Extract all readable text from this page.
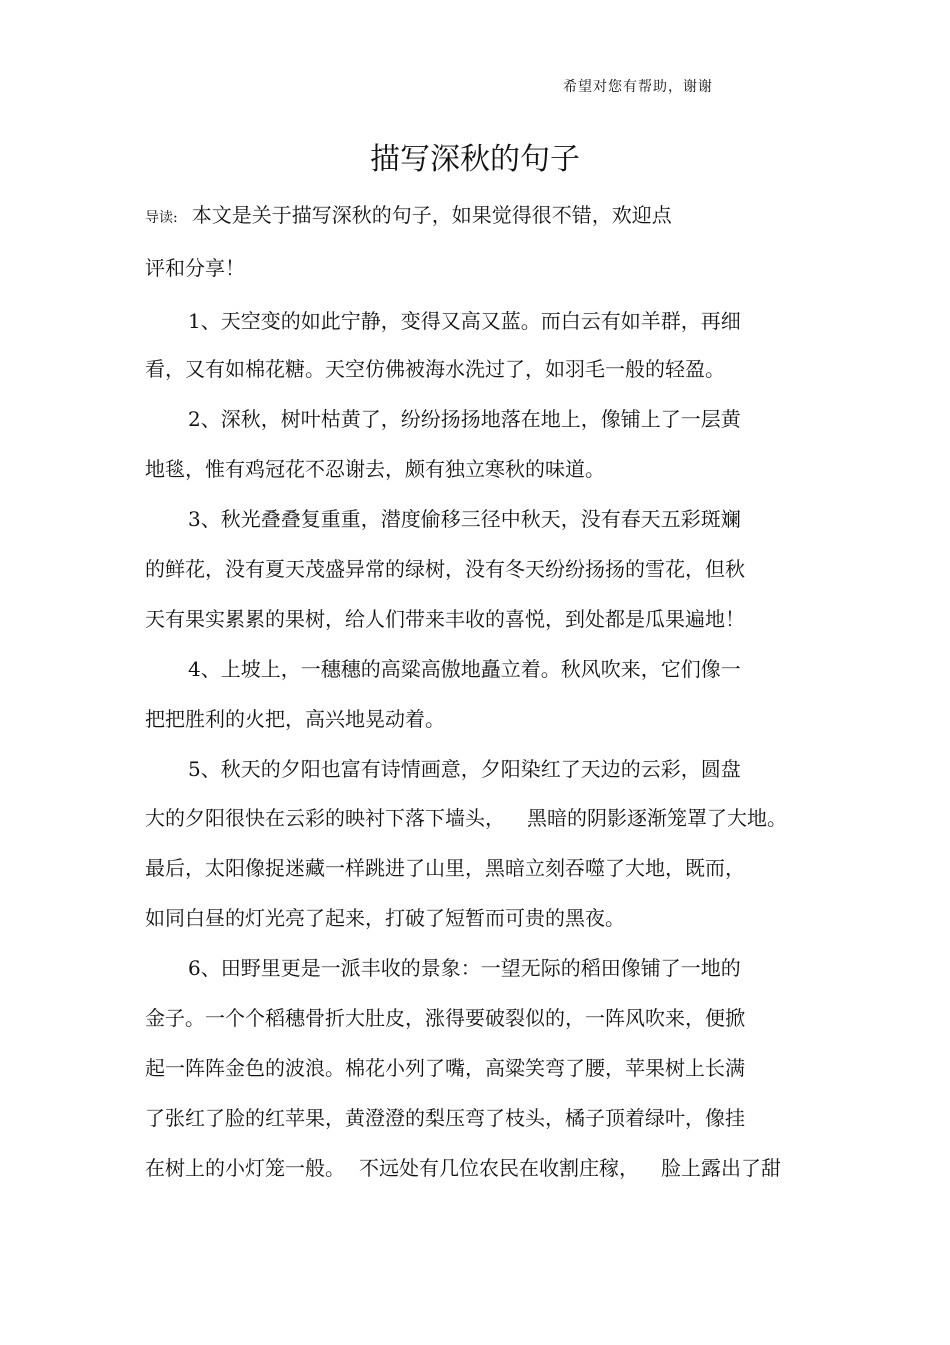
希望对您有帮助，谢谢
描写深秋的句子
导读: 本文是关于描写深秋的句子，如果觉得很不错，欢迎点
评和分享！
1、天空变的如此宁静，变得又高又蓝。而白云有如羊群，再细
看，又有如棉花糖。天空仿佛被海水洗过了，如羽毛一般的轻盈。
2、深秋，树叶枯黄了，纷纷扬扬地落在地上，像铺上了一层黄
地毯，惟有鸡冠花不忍谢去，颇有独立寒秋的味道。
3、秋光叠叠复重重，潜度偷移三径中秋天，没有春天五彩斑斓
的鲜花，没有夏天茂盛异常的绿树，没有冬天纷纷扬扬的雪花，但秋
天有果实累累的果树，给人们带来丰收的喜悦，到处都是瓜果遍地！
4、上坡上，一穗穗的高粱高傲地矗立着。秋风吹来，它们像一
把把胜利的火把，高兴地晃动着。
5、秋天的夕阳也富有诗情画意，夕阳染红了天边的云彩，圆盘
大的夕阳很快在云彩的映衬下落下墙头， 黑暗的阴影逐渐笼罩了大地。
最后，太阳像捉迷藏一样跳进了山里，黑暗立刻吞噬了大地，既而，
如同白昼的灯光亮了起来，打破了短暂而可贵的黑夜。
6、田野里更是一派丰收的景象：一望无际的稻田像铺了一地的
金子。一个个稻穗骨折大肚皮，涨得要破裂似的，一阵风吹来，便掀
起一阵阵金色的波浪。棉花小列了嘴，高粱笑弯了腰，苹果树上长满
了张红了脸的红苹果，黄澄澄的梨压弯了枝头，橘子顶着绿叶，像挂
在树上的小灯笼一般。 不远处有几位农民在收割庄稼， 脸上露出了甜
